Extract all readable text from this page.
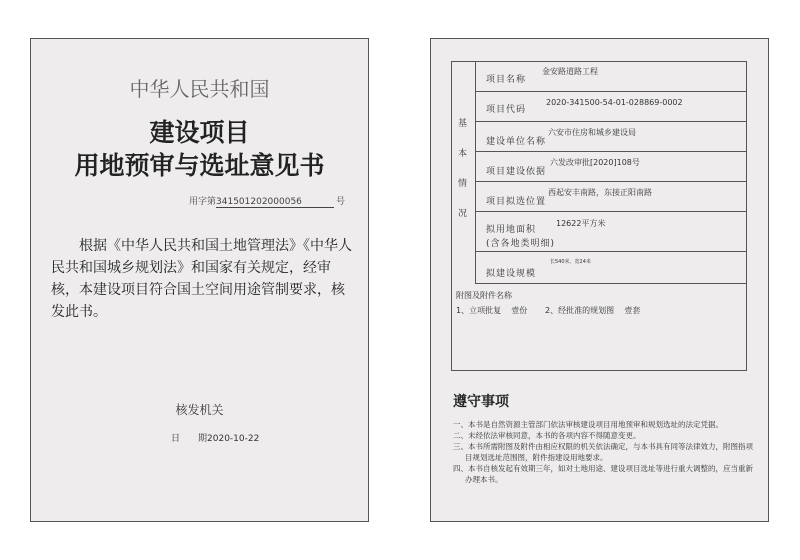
中华人民共和国
建设项目
用地预审与选址意见书
用字第341501202000056	号
根据《中华人民共和国土地管理法》《中华人民共和国城乡规划法》和国家有关规定，经审核，本建设项目符合国土空间用途管制要求，核发此书。
核发机关
日 期2020-10-22
基
本
情
况
项目名称
金安路道路工程
项目代码
2020-341500-54-01-028869-0002
建设单位名称
六安市住房和城乡建设局
项目建设依据
六发改审批[2020]108号
项目拟选位置
西起安丰南路，东接正阳南路
拟用地面积
(含各地类明细)
12622平方米
拟建设规模
长540米，宽24米
附图及附件名称
1、立项批复    壹份       2、经批准的规划图    壹套
遵守事项
一、本书是自然资源主管部门依法审核建设项目用地预审和规划选址的法定凭据。
二、未经依法审核同意，本书的各项内容不得随意变更。
三、本书所需附图及附件由相应权限的机关依法确定，与本书具有同等法律效力，附图指项目规划选址范围图，附件指建设用地要求。
四、本书自核发起有效期三年，如对土地用途、建设项目选址等进行重大调整的，应当重新办理本书。
